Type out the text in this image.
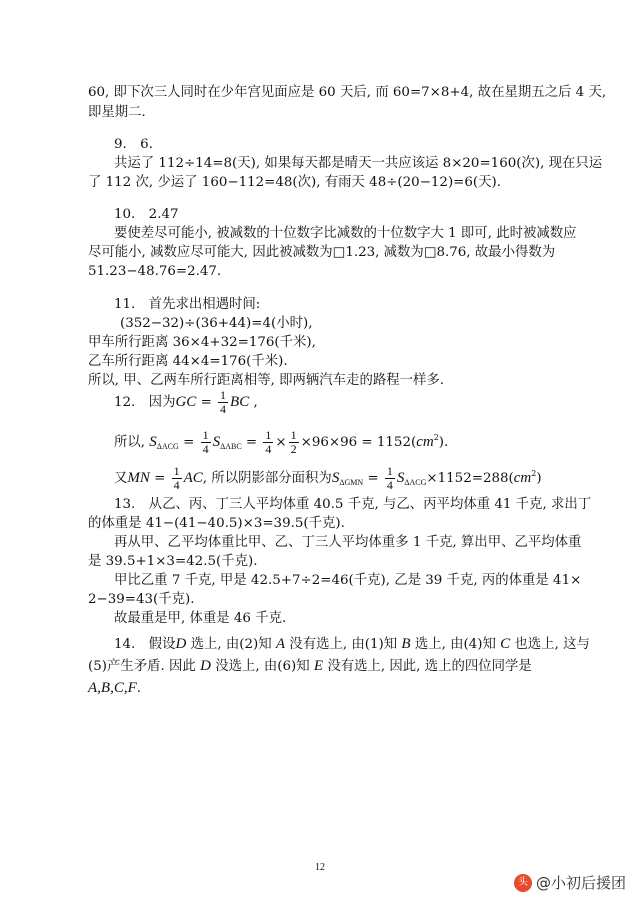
60, 即下次三人同时在少年宫见面应是 60 天后, 而 60=7×8+4, 故在星期五之后 4 天,
即星期二.
9.　6.
共运了 112÷14=8(天), 如果每天都是晴天一共应该运 8×20=160(次), 现在只运
了 112 次, 少运了 160−112=48(次), 有雨天 48÷(20−12)=6(天).
10.　2.47
要使差尽可能小, 被减数的十位数字比减数的十位数字大 1 即可, 此时被减数应
尽可能小, 减数应尽可能大, 因此被减数为□1.23, 减数为□8.76, 故最小得数为
51.23−48.76=2.47.
11.　首先求出相遇时间:
(352−32)÷(36+44)=4(小时),
甲车所行距离 36×4+32=176(千米),
乙车所行距离 44×4=176(千米).
所以, 甲、乙两车所行距离相等, 即两辆汽车走的路程一样多.
12.　因为GC = $\frac{1}{4}$ BC ,
所以, $S_{\Delta ACG} = \frac{1}{4} S_{\Delta ABC} = \frac{1}{4} \times \frac{1}{2} \times 96\times 96 = 1152(cm^2)$.
又MN = $\frac{1}{4}$ AC, 所以阴影部分面积为$S_{\Delta GMN} = \frac{1}{4} S_{\Delta ACG}\times 1152=288(cm^2)$
13.　从乙、丙、丁三人平均体重 40.5 千克, 与乙、丙平均体重 41 千克, 求出丁
的体重是 41−(41−40.5)×3=39.5(千克).
再从甲、乙平均体重比甲、乙、丁三人平均体重多 1 千克, 算出甲、乙平均体重
是 39.5+1×3=42.5(千克).
甲比乙重 7 千克, 甲是 42.5+7÷2=46(千克), 乙是 39 千克, 丙的体重是 41×
2−39=43(千克).
故最重是甲, 体重是 46 千克.
14.　假设D 选上, 由(2)知 A 没有选上, 由(1)知 B 选上, 由(4)知 C 也选上, 这与
(5)产生矛盾. 因此 D 没选上, 由(6)知 E 没有选上, 因此, 选上的四位同学是
A,B,C,F.
12
头条
@小初后援团
